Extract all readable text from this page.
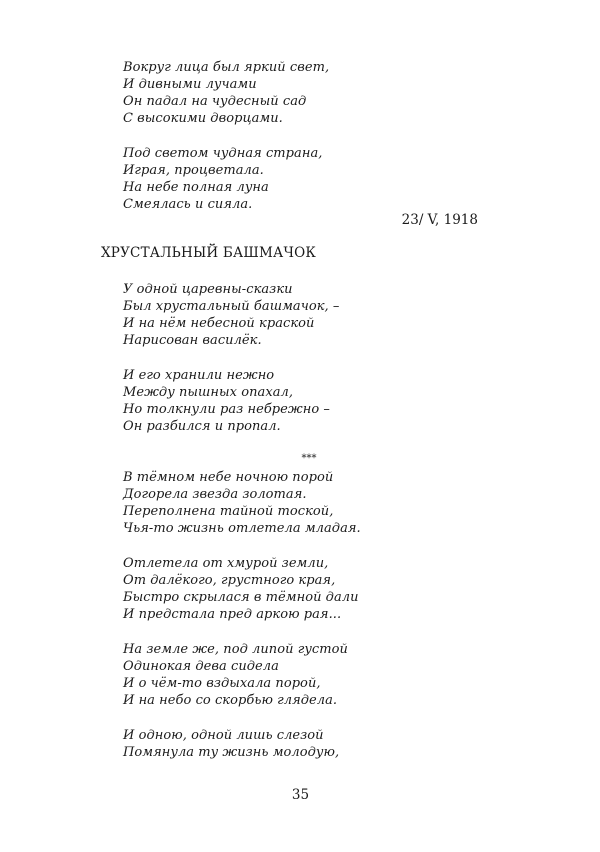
Вокруг лица был яркий свет,
И дивными лучами
Он падал на чудесный сад
С высокими дворцами.
Под светом чудная страна,
Играя, процветала.
На небе полная луна
Смеялась и сияла.
23/ V, 1918
ХРУСТАЛЬНЫЙ БАШМАЧОК
У одной царевны-сказки
Был хрустальный башмачок, –
И на нём небесной краской
Нарисован василёк.
И его хранили нежно
Между пышных опахал,
Но толкнули раз небрежно –
Он разбился и пропал.
***
В тёмном небе ночною порой
Догорела звезда золотая.
Переполнена тайной тоской,
Чья-то жизнь отлетела младая.
Отлетела от хмурой земли,
От далёкого, грустного края,
Быстро скрылася в тёмной дали
И предстала пред аркою рая...
На земле же, под липой густой
Одинокая дева сидела
И о чём-то вздыхала порой,
И на небо со скорбью глядела.
И одною, одной лишь слезой
Помянула ту жизнь молодую,
35
